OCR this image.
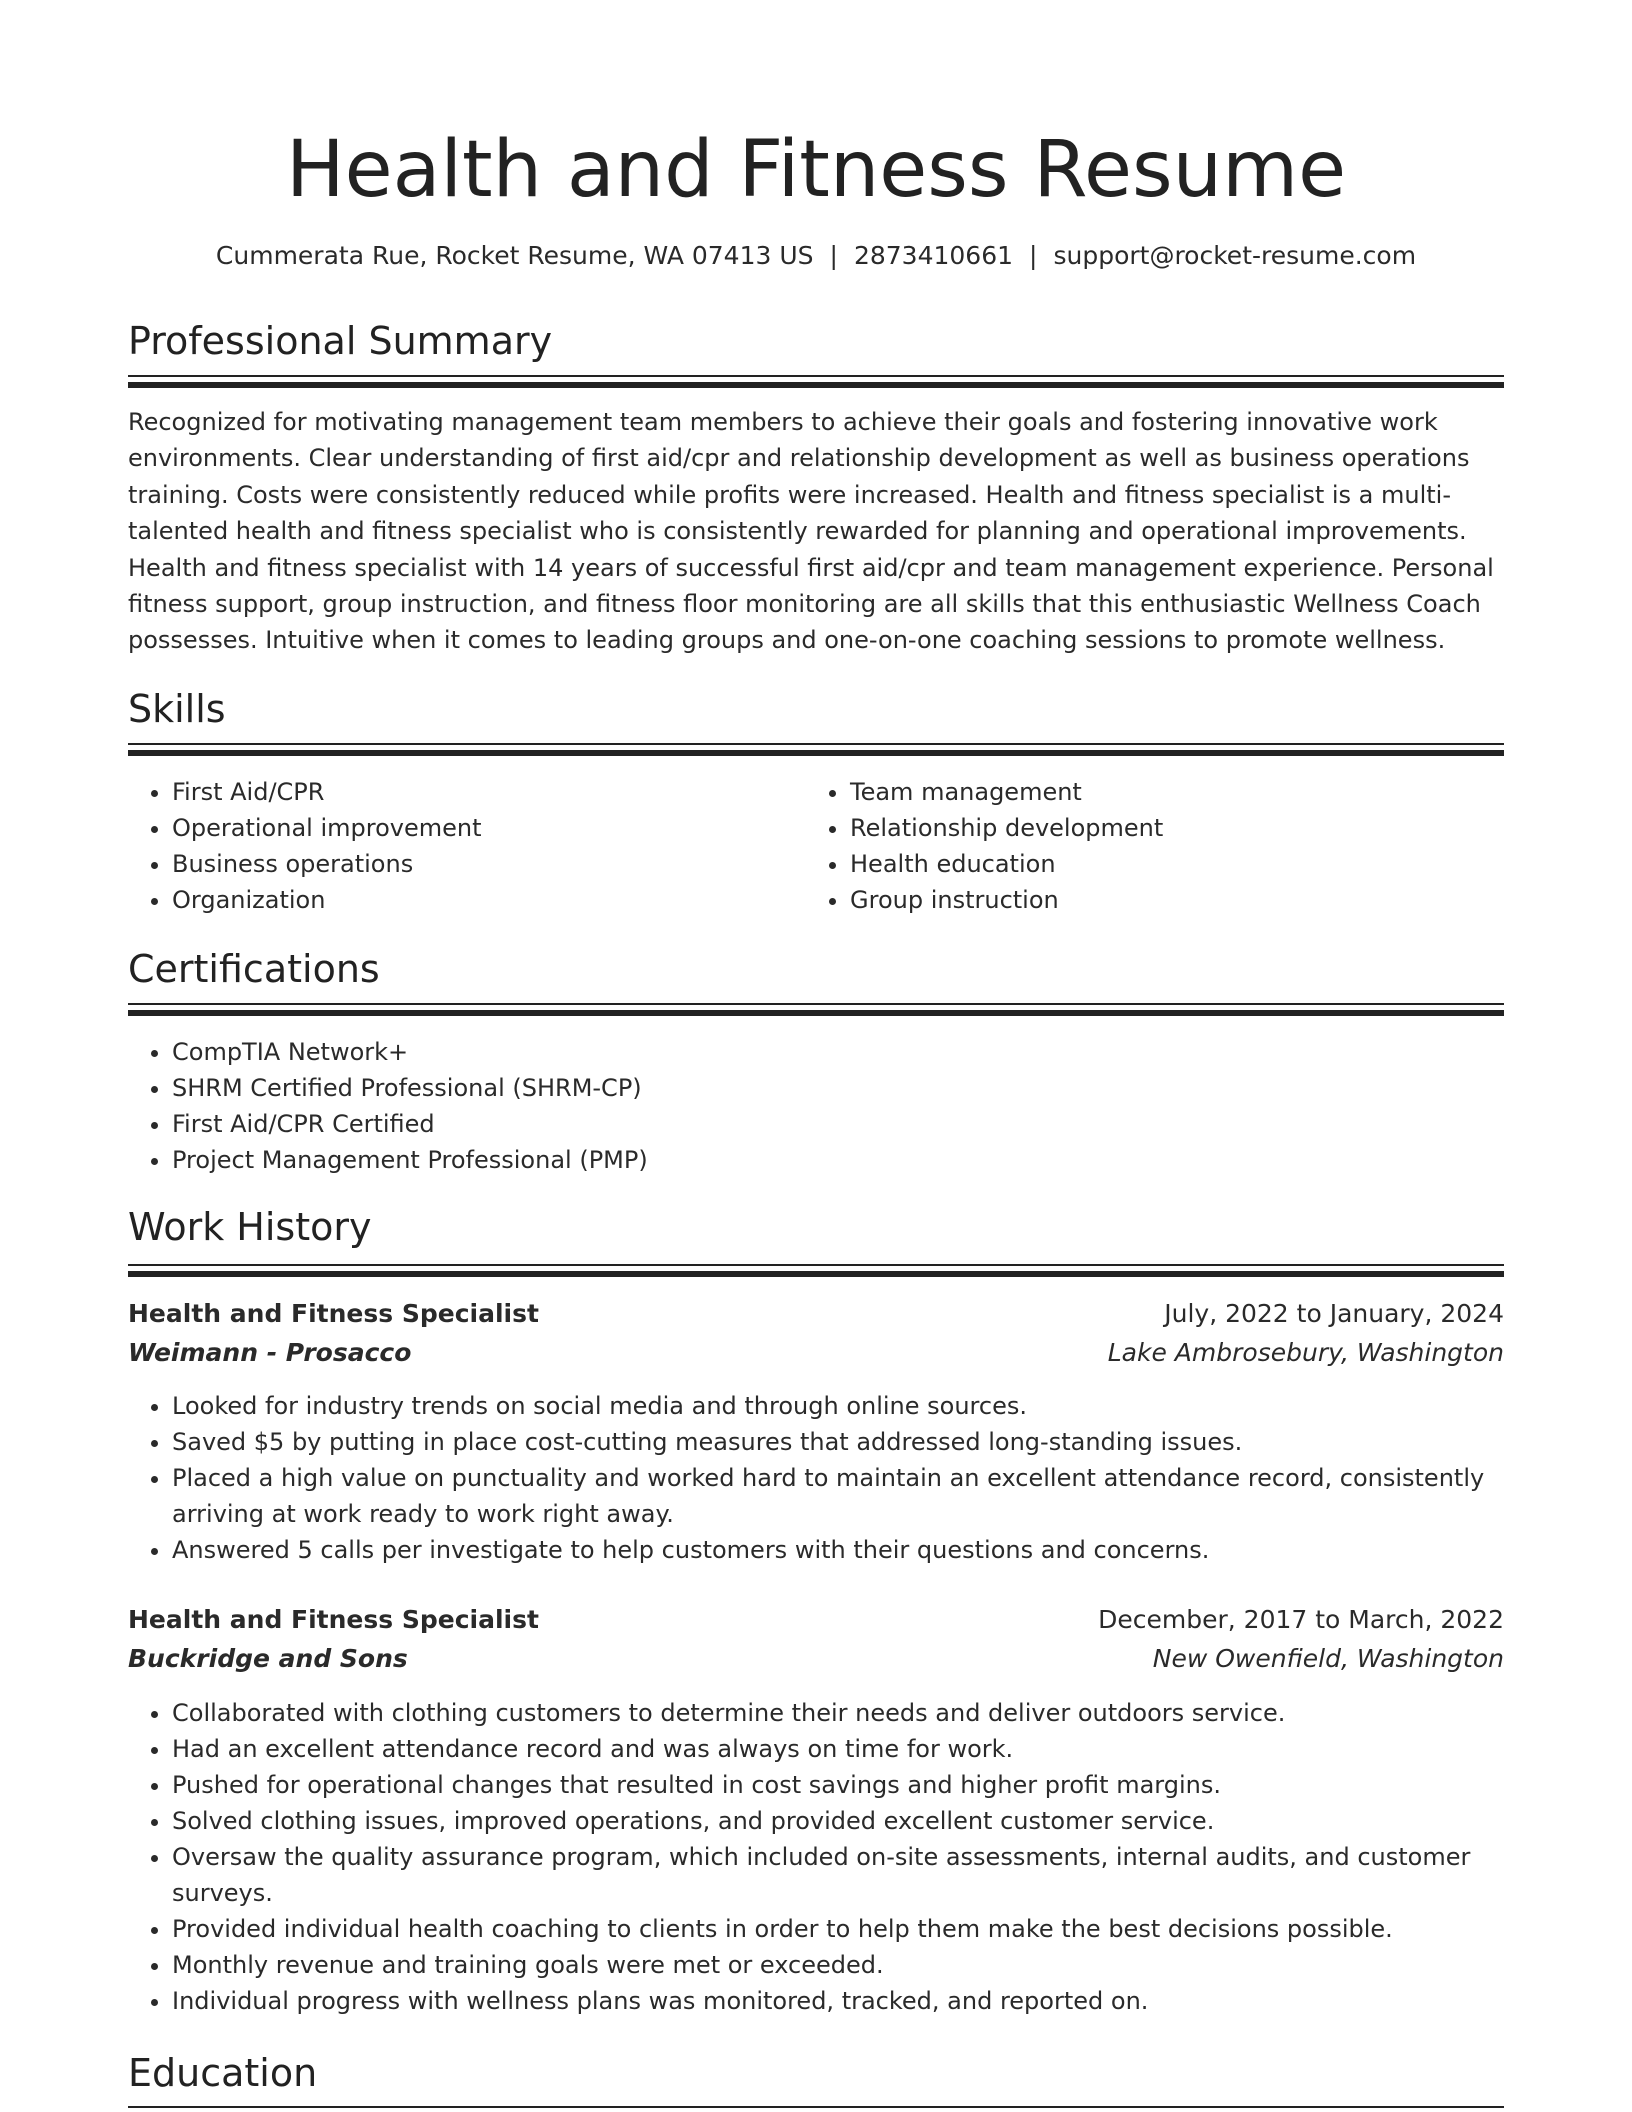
Health and Fitness Resume
Cummerata Rue, Rocket Resume, WA 07413 US | 2873410661 | support@rocket-resume.com
Professional Summary

Recognized for motivating management team members to achieve their goals and fostering innovative work environments. Clear understanding of first aid/cpr and relationship development as well as business operations training. Costs were consistently reduced while profits were increased. Health and fitness specialist is a multi-talented health and fitness specialist who is consistently rewarded for planning and operational improvements. Health and fitness specialist with 14 years of successful first aid/cpr and team management experience. Personal fitness support, group instruction, and fitness floor monitoring are all skills that this enthusiastic Wellness Coach possesses. Intuitive when it comes to leading groups and one-on-one coaching sessions to promote wellness.

Skills
• First Aid/CPR
• Operational improvement
• Business operations
• Organization
• Team management
• Relationship development
• Health education
• Group instruction
Certifications
• CompTIA Network+
• SHRM Certified Professional (SHRM-CP)
• First Aid/CPR Certified
• Project Management Professional (PMP)
Work History
Health and Fitness Specialist	July, 2022 to January, 2024
Weimann - Prosacco	Lake Ambrosebury, Washington
• Looked for industry trends on social media and through online sources.
• Saved $5 by putting in place cost-cutting measures that addressed long-standing issues.
• Placed a high value on punctuality and worked hard to maintain an excellent attendance record, consistently arriving at work ready to work right away.
• Answered 5 calls per investigate to help customers with their questions and concerns.
Health and Fitness Specialist	December, 2017 to March, 2022
Buckridge and Sons	New Owenfield, Washington
• Collaborated with clothing customers to determine their needs and deliver outdoors service.
• Had an excellent attendance record and was always on time for work.
• Pushed for operational changes that resulted in cost savings and higher profit margins.
• Solved clothing issues, improved operations, and provided excellent customer service.
• Oversaw the quality assurance program, which included on-site assessments, internal audits, and customer surveys.
• Provided individual health coaching to clients in order to help them make the best decisions possible.
• Monthly revenue and training goals were met or exceeded.
• Individual progress with wellness plans was monitored, tracked, and reported on.
Education
